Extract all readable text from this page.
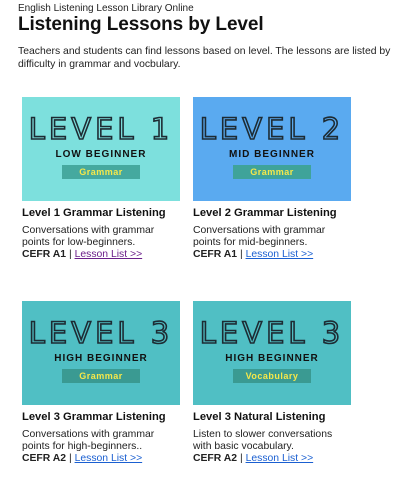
English Listening Lesson Library Online
Listening Lessons by Level

Teachers and students can find lessons based on level. The lessons are listed by difficulty in grammar and vocbulary.

LEVEL 1
LOW BEGINNER
Grammar
Level 1 Grammar Listening
Conversations with grammar points for low-beginners.
CEFR A1 | Lesson List >>
LEVEL 2
MID BEGINNER
Grammar
Level 2 Grammar Listening
Conversations with grammar points for mid-beginners.
CEFR A1 | Lesson List >>
LEVEL 3
HIGH BEGINNER
Grammar
Level 3 Grammar Listening
Conversations with grammar points for high-beginners..
CEFR A2 | Lesson List >>
LEVEL 3
HIGH BEGINNER
Vocabulary
Level 3 Natural Listening
Listen to slower conversations with basic vocabulary.
CEFR A2 | Lesson List >>
